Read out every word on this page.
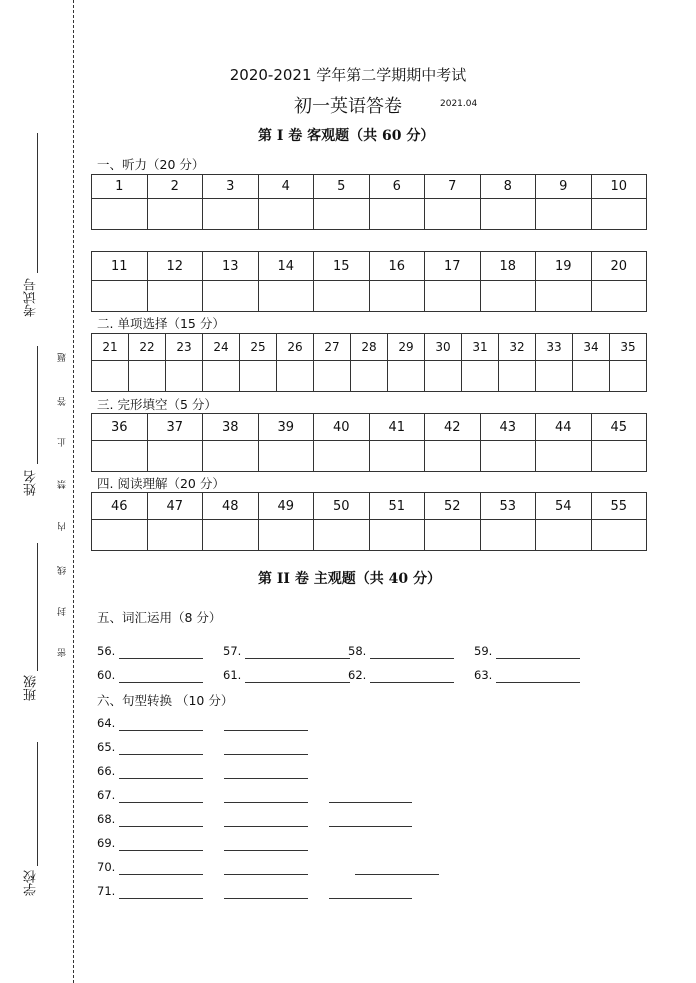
考试号
姓名
班级
学校
密
封
线
内
禁
止
答
题
2020-2021 学年第二学期期中考试
初一英语答卷	2021.04
第 I 卷 客观题（共 60 分）
一、听力（20 分）
1	2	3	4	5	6	7	8	9	10

11	12	13	14	15	16	17	18	19	20

二. 单项选择（15 分）
21	22	23	24	25	26	27	28	29	30	31	32	33	34	35

三. 完形填空（5 分）
36	37	38	39	40	41	42	43	44	45

四. 阅读理解（20 分）
46	47	48	49	50	51	52	53	54	55

第 II 卷 主观题（共 40 分）
五、词汇运用（8 分）
56.	57.	58.	59.
60.	61.	62.	63.
六、句型转换 （10 分）
64.
65.
66.
67.
68.
69.
70.
71.
